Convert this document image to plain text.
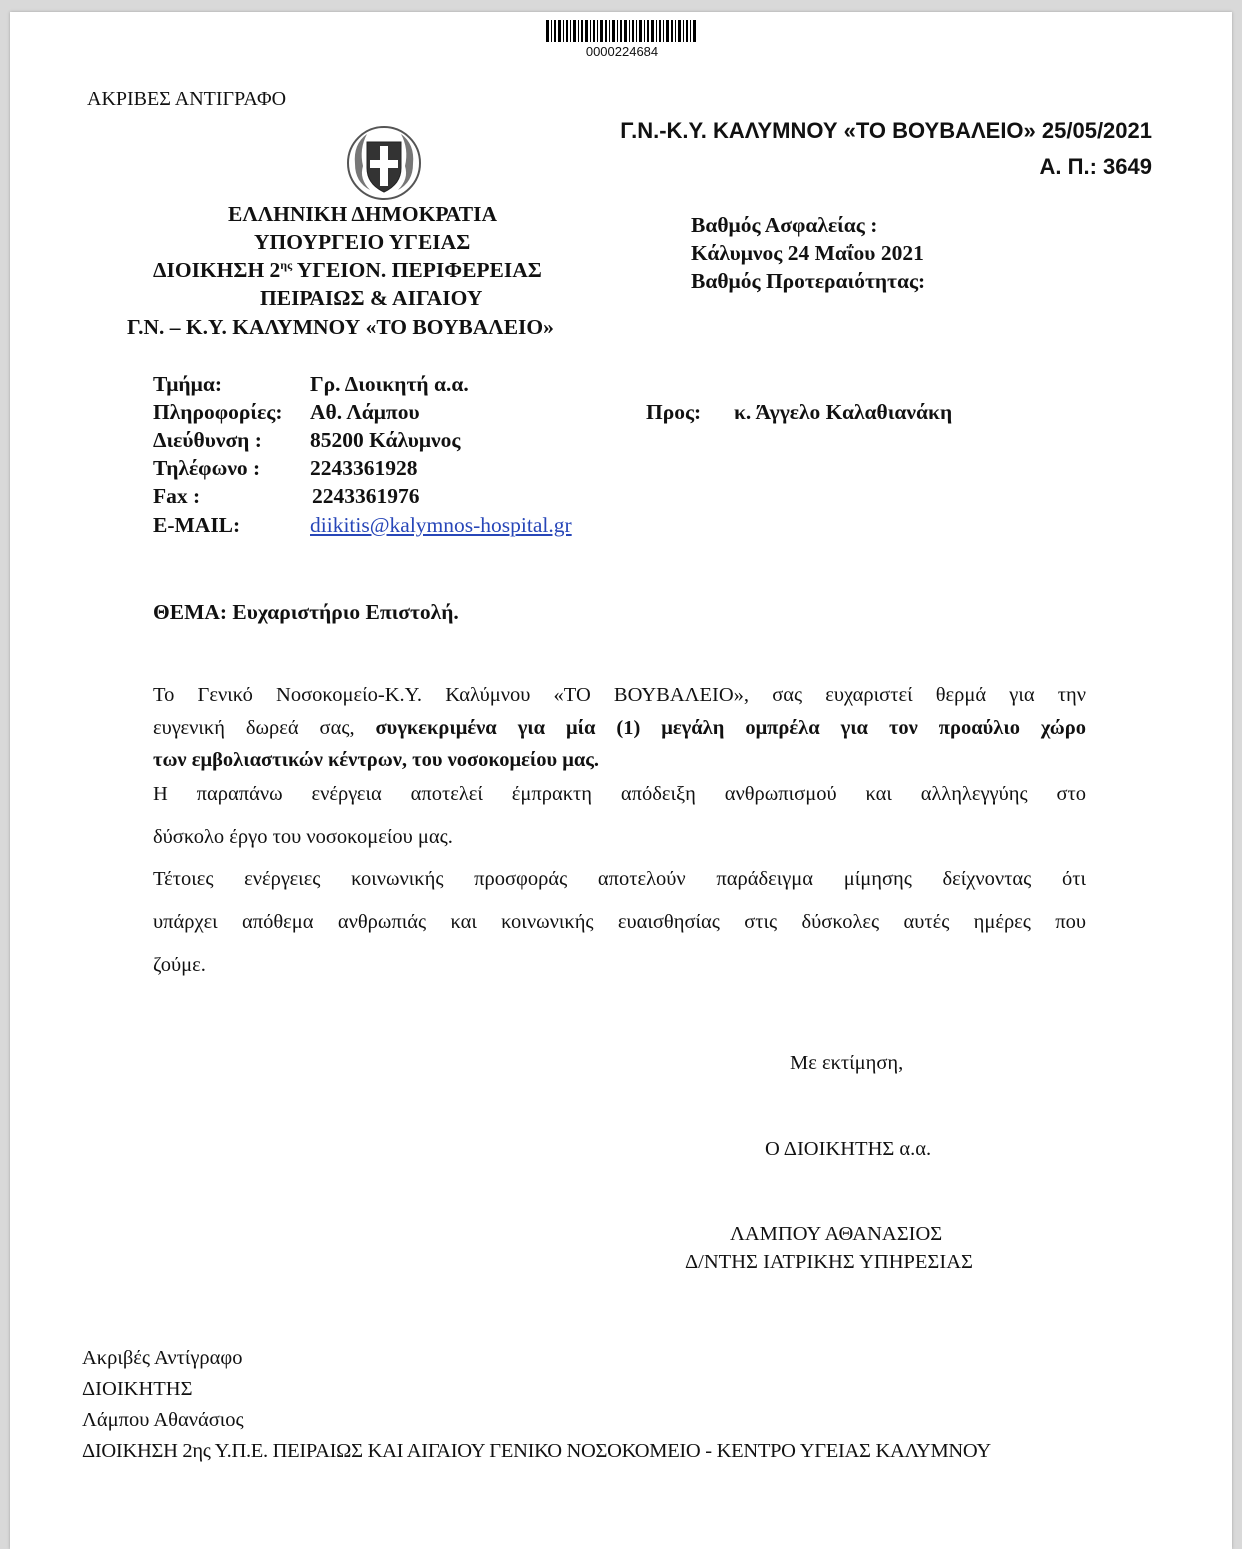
0000224684
ΑΚΡΙΒΕΣ ΑΝΤΙΓΡΑΦΟ
Γ.Ν.-Κ.Υ. ΚΑΛΥΜΝΟΥ «ΤΟ ΒΟΥΒΑΛΕΙΟ» 25/05/2021
Α. Π.: 3649
ΕΛΛΗΝΙΚΗ ΔΗΜΟΚΡΑΤΙΑ
ΥΠΟΥΡΓΕΙΟ ΥΓΕΙΑΣ
ΔΙΟΙΚΗΣΗ $2^{\eta\varsigma}$ ΥΓΕΙΟΝ. ΠΕΡΙΦΕΡΕΙΑΣ
ΠΕΙΡΑΙΩΣ & ΑΙΓΑΙΟΥ
Γ.Ν. – Κ.Υ. ΚΑΛΥΜΝΟΥ «ΤΟ ΒΟΥΒΑΛΕΙΟ»
Βαθμός Ασφαλείας :
Κάλυμνος 24 Μαΐου 2021
Βαθμός Προτεραιότητας:
Τμήμα:	Γρ. Διοικητή α.α.
Πληροφορίες: Αθ. Λάμπου
Διεύθυνση : 85200 Κάλυμνος
Τηλέφωνο : 2243361928
Fax :	2243361976
E-MAIL:	diikitis@kalymnos-hospital.gr
Προς: κ. Άγγελο Καλαθιανάκη
ΘΕΜΑ: Ευχαριστήριο Επιστολή.
Το Γενικό Νοσοκομείο-Κ.Υ. Καλύμνου «ΤΟ ΒΟΥΒΑΛΕΙΟ», σας ευχαριστεί θερμά για την
ευγενική δωρεά σας, συγκεκριμένα για μία (1) μεγάλη ομπρέλα για τον προαύλιο χώρο
των εμβολιαστικών κέντρων, του νοσοκομείου μας.
Η παραπάνω ενέργεια αποτελεί έμπρακτη απόδειξη ανθρωπισμού και αλληλεγγύης στο
δύσκολο έργο του νοσοκομείου μας.
Τέτοιες ενέργειες κοινωνικής προσφοράς αποτελούν παράδειγμα μίμησης δείχνοντας ότι
υπάρχει απόθεμα ανθρωπιάς και κοινωνικής ευαισθησίας στις δύσκολες αυτές ημέρες που
ζούμε.
Με εκτίμηση,
Ο ΔΙΟΙΚΗΤΗΣ α.α.
ΛΑΜΠΟΥ ΑΘΑΝΑΣΙΟΣ
Δ/ΝΤΗΣ ΙΑΤΡΙΚΗΣ ΥΠΗΡΕΣΙΑΣ
Ακριβές Αντίγραφο
ΔΙΟΙΚΗΤΗΣ
Λάμπου Αθανάσιος
ΔΙΟΙΚΗΣΗ 2ης Υ.Π.Ε. ΠΕΙΡΑΙΩΣ ΚΑΙ ΑΙΓΑΙΟΥ ΓΕΝΙΚΟ ΝΟΣΟΚΟΜΕΙΟ - ΚΕΝΤΡΟ ΥΓΕΙΑΣ ΚΑΛΥΜΝΟΥ
